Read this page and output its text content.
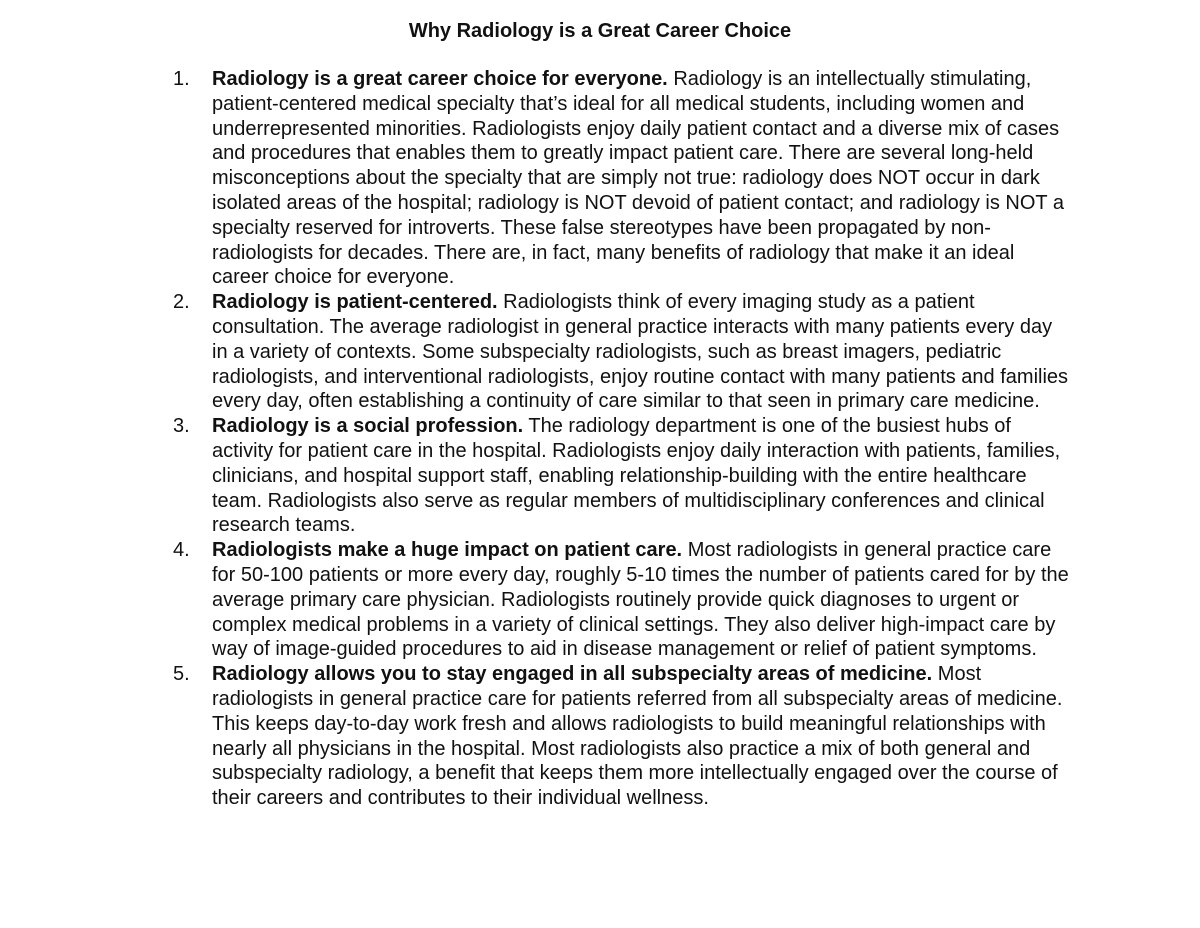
Why Radiology is a Great Career Choice
1.	Radiology is a great career choice for everyone. Radiology is an intellectually stimulating, patient-centered medical specialty that’s ideal for all medical students, including women and underrepresented minorities. Radiologists enjoy daily patient contact and a diverse mix of cases and procedures that enables them to greatly impact patient care. There are several long-held misconceptions about the specialty that are simply not true: radiology does NOT occur in dark isolated areas of the hospital; radiology is NOT devoid of patient contact; and radiology is NOT a specialty reserved for introverts. These false stereotypes have been propagated by non-radiologists for decades. There are, in fact, many benefits of radiology that make it an ideal career choice for everyone.
2.	Radiology is patient-centered. Radiologists think of every imaging study as a patient consultation. The average radiologist in general practice interacts with many patients every day in a variety of contexts. Some subspecialty radiologists, such as breast imagers, pediatric radiologists, and interventional radiologists, enjoy routine contact with many patients and families every day, often establishing a continuity of care similar to that seen in primary care medicine.
3.	Radiology is a social profession. The radiology department is one of the busiest hubs of activity for patient care in the hospital. Radiologists enjoy daily interaction with patients, families, clinicians, and hospital support staff, enabling relationship-building with the entire healthcare team. Radiologists also serve as regular members of multidisciplinary conferences and clinical research teams.
4.	Radiologists make a huge impact on patient care. Most radiologists in general practice care for 50-100 patients or more every day, roughly 5-10 times the number of patients cared for by the average primary care physician. Radiologists routinely provide quick diagnoses to urgent or complex medical problems in a variety of clinical settings. They also deliver high-impact care by way of image-guided procedures to aid in disease management or relief of patient symptoms.
5.	Radiology allows you to stay engaged in all subspecialty areas of medicine. Most radiologists in general practice care for patients referred from all subspecialty areas of medicine. This keeps day-to-day work fresh and allows radiologists to build meaningful relationships with nearly all physicians in the hospital. Most radiologists also practice a mix of both general and subspecialty radiology, a benefit that keeps them more intellectually engaged over the course of their careers and contributes to their individual wellness.
